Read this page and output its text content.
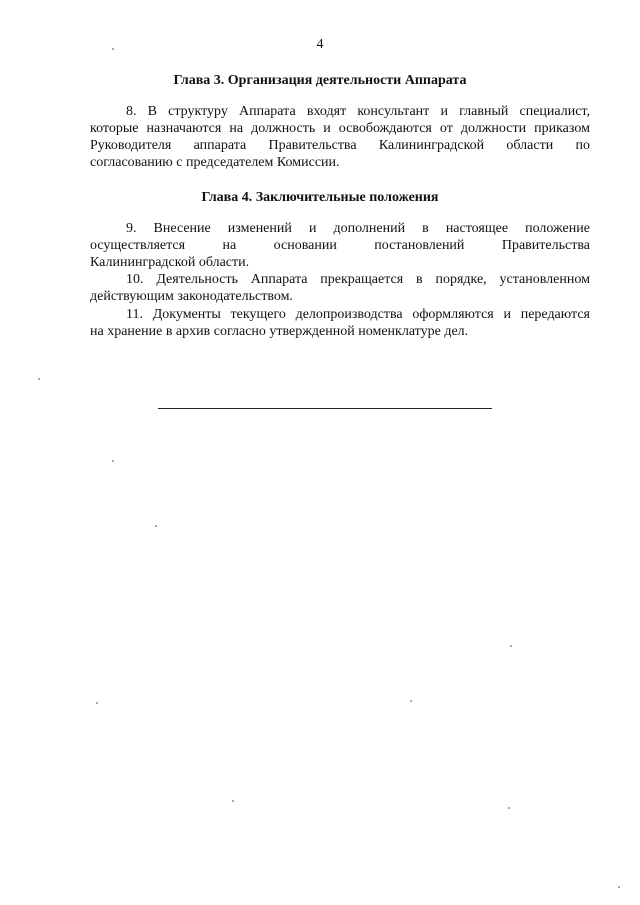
4
Глава 3. Организация деятельности Аппарата
8. В структуру Аппарата входят консультант и главный специалист,
которые назначаются на должность и освобождаются от должности приказом
Руководителя аппарата Правительства Калининградской области по
согласованию с председателем Комиссии.
Глава 4. Заключительные положения
9. Внесение изменений и дополнений в настоящее положение
осуществляется	на	основании	постановлений	Правительства
Калининградской области.
10. Деятельность Аппарата прекращается в порядке, установленном
действующим законодательством.
11. Документы текущего делопроизводства оформляются и передаются
на хранение в архив согласно утвержденной номенклатуре дел.
